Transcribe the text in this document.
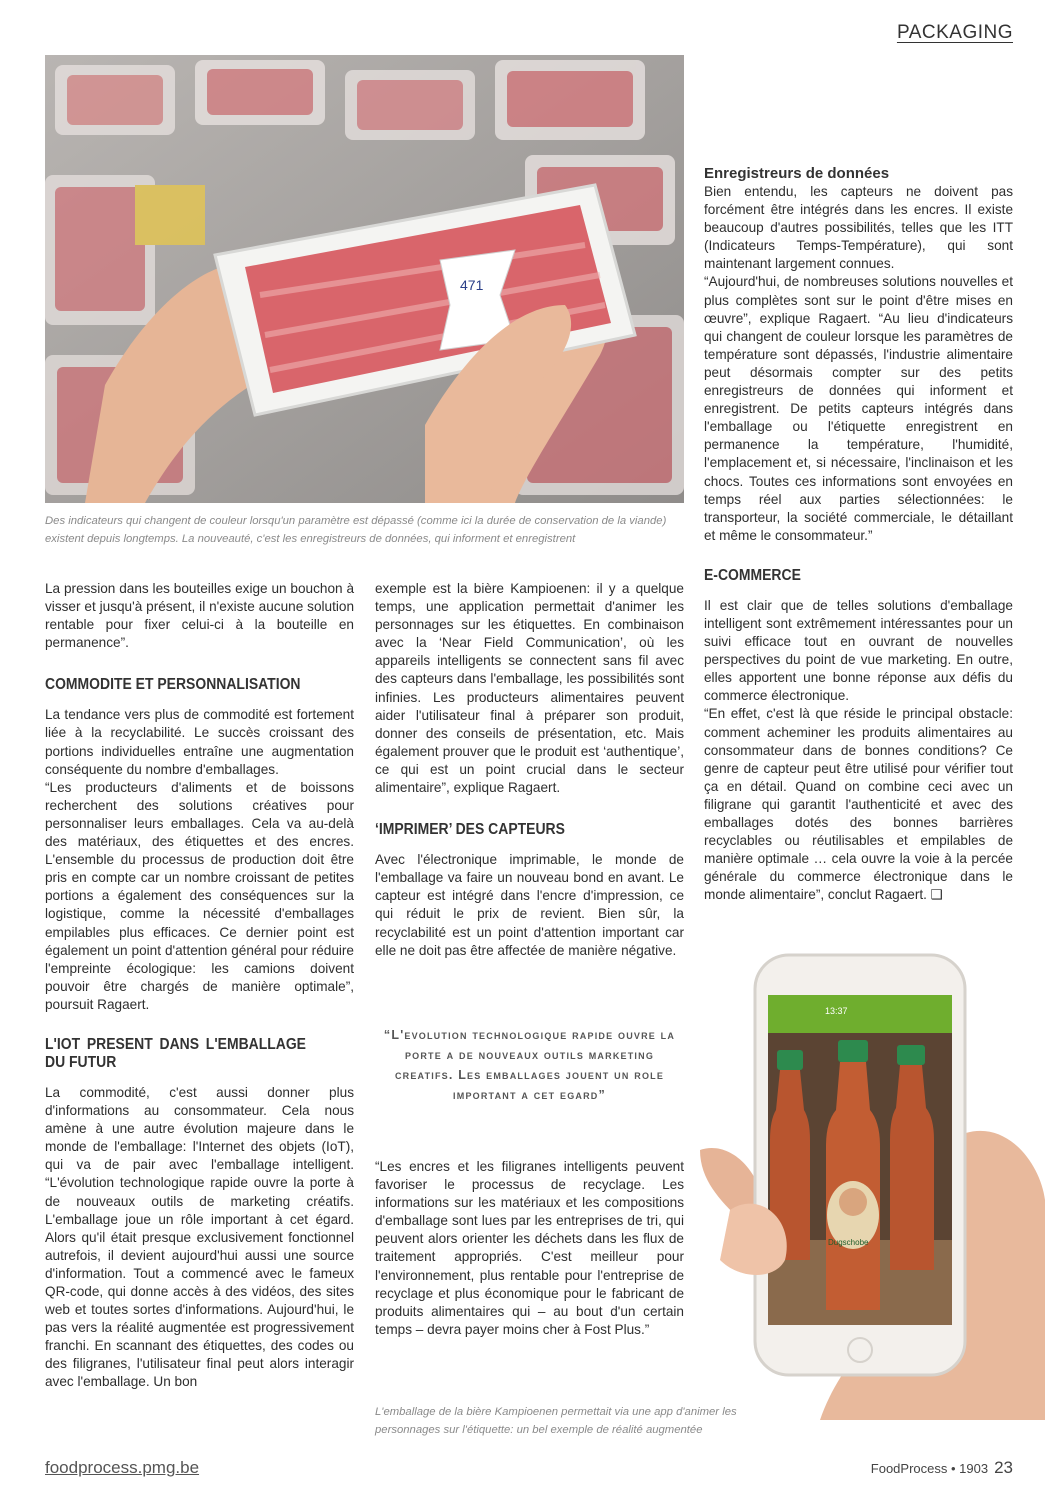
PACKAGING
471
Des indicateurs qui changent de couleur lorsqu'un paramètre est dépassé (comme ici la durée de conservation de la viande) existent depuis longtemps. La nouveauté, c'est les enregistreurs de données, qui informent et enregistrent
Enregistreurs de données

Bien entendu, les capteurs ne doivent pas forcément être intégrés dans les encres. Il existe beaucoup d'autres possibilités, telles que les ITT (Indicateurs Temps-Température), qui sont maintenant largement connues.

“Aujourd'hui, de nombreuses solutions nouvelles et plus complètes sont sur le point d'être mises en œuvre”, explique Ragaert. “Au lieu d'indicateurs qui changent de couleur lorsque les paramètres de température sont dépassés, l'industrie alimentaire peut désormais compter sur des petits enregistreurs de données qui informent et enregistrent. De petits capteurs intégrés dans l'emballage ou l'étiquette enregistrent en permanence la température, l'humidité, l'emplacement et, si nécessaire, l'inclinaison et les chocs. Toutes ces informations sont envoyées en temps réel aux parties sélectionnées: le transporteur, la société commerciale, le détaillant et même le consommateur.”

E-COMMERCE

Il est clair que de telles solutions d'emballage intelligent sont extrêmement intéressantes pour un suivi efficace tout en ouvrant de nouvelles perspectives du point de vue marketing. En outre, elles apportent une bonne réponse aux défis du commerce électronique.

“En effet, c'est là que réside le principal obstacle: comment acheminer les produits alimentaires au consommateur dans de bonnes conditions? Ce genre de capteur peut être utilisé pour vérifier tout ça en détail. Quand on combine ceci avec un filigrane qui garantit l'authenticité et avec des emballages dotés des bonnes barrières recyclables ou réutilisables et empilables de manière optimale … cela ouvre la voie à la percée générale du commerce électronique dans le monde alimentaire”, conclut Ragaert. ❑

La pression dans les bouteilles exige un bouchon à visser et jusqu'à présent, il n'existe aucune solution rentable pour fixer celui-ci à la bouteille en permanence”.

COMMODITE ET PERSONNALISATION

La tendance vers plus de commodité est fortement liée à la recyclabilité. Le succès croissant des portions individuelles entraîne une augmentation conséquente du nombre d'emballages.

“Les producteurs d'aliments et de boissons recherchent des solutions créatives pour personnaliser leurs emballages. Cela va au-delà des matériaux, des étiquettes et des encres. L'ensemble du processus de production doit être pris en compte car un nombre croissant de petites portions a également des conséquences sur la logistique, comme la nécessité d'emballages empilables plus efficaces. Ce dernier point est également un point d'attention général pour réduire l'empreinte écologique: les camions doivent pouvoir être chargés de manière optimale”, poursuit Ragaert.

L'IOT PRESENT DANS L'EMBALLAGE DU FUTUR

La commodité, c'est aussi donner plus d'informations au consommateur. Cela nous amène à une autre évolution majeure dans le monde de l'emballage: l'Internet des objets (IoT), qui va de pair avec l'emballage intelligent. “L'évolution technologique rapide ouvre la porte à de nouveaux outils de marketing créatifs. L'emballage joue un rôle important à cet égard. Alors qu'il était presque exclusivement fonctionnel autrefois, il devient aujourd'hui aussi une source d'information. Tout a commencé avec le fameux QR-code, qui donne accès à des vidéos, des sites web et toutes sortes d'informations. Aujourd'hui, le pas vers la réalité augmentée est progressivement franchi. En scannant des étiquettes, des codes ou des filigranes, l'utilisateur final peut alors interagir avec l'emballage. Un bon

exemple est la bière Kampioenen: il y a quelque temps, une application permettait d'animer les personnages sur les étiquettes. En combinaison avec la ‘Near Field Communication’, où les appareils intelligents se connectent sans fil avec des capteurs dans l'emballage, les possibilités sont infinies. Les producteurs alimentaires peuvent aider l'utilisateur final à préparer son produit, donner des conseils de présentation, etc. Mais également prouver que le produit est ‘authentique’, ce qui est un point crucial dans le secteur alimentaire”, explique Ragaert.

‘IMPRIMER’ DES CAPTEURS

Avec l'électronique imprimable, le monde de l'emballage va faire un nouveau bond en avant. Le capteur est intégré dans l'encre d'impression, ce qui réduit le prix de revient. Bien sûr, la recyclabilité est un point d'attention important car elle ne doit pas être affectée de manière négative.

“L'evolution technologique rapide ouvre la porte a de nouveaux outils marketing creatifs. Les emballages jouent un role important a cet egard”

“Les encres et les filigranes intelligents peuvent favoriser le processus de recyclage. Les informations sur les matériaux et les compositions d'emballage sont lues par les entreprises de tri, qui peuvent alors orienter les déchets dans les flux de traitement appropriés. C'est meilleur pour l'environnement, plus rentable pour l'entreprise de recyclage et plus économique pour le fabricant de produits alimentaires qui – au bout d'un certain temps – devra payer moins cher à Fost Plus.”

L'emballage de la bière Kampioenen permettait via une app d'animer les personnages sur l'étiquette: un bel exemple de réalité augmentée
13:37
Dugschobe
foodprocess.pmg.be	FoodProcess • 1903 23
